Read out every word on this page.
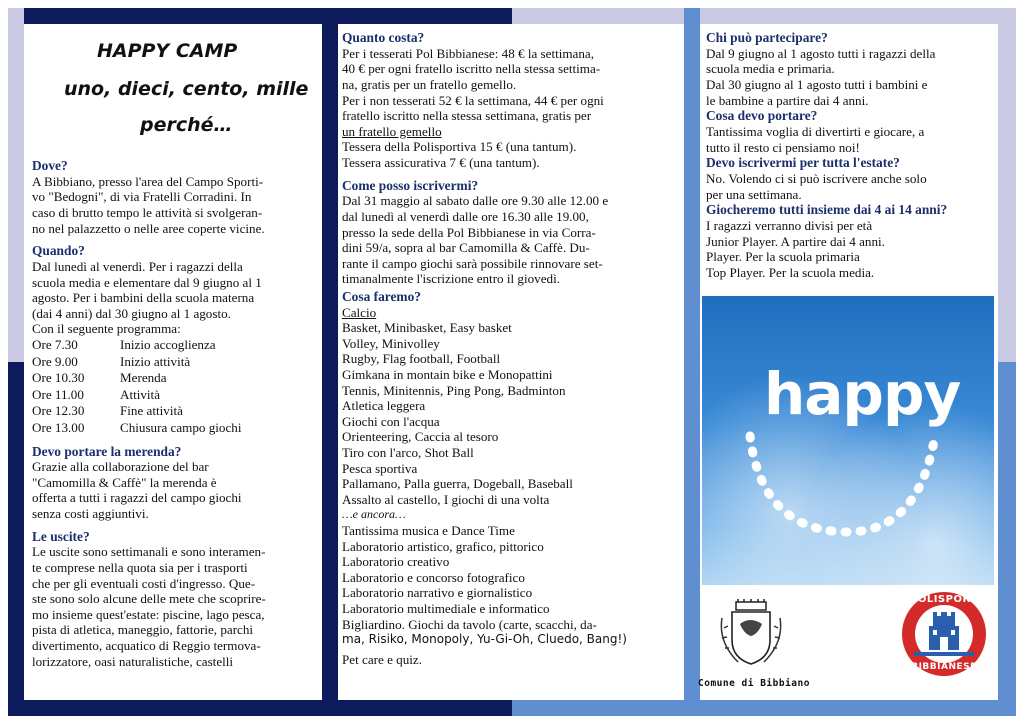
HAPPY CAMP
uno, dieci, cento, mille
perché…
Dove?
A Bibbiano, presso l'area del Campo Sporti-
vo "Bedogni", di via Fratelli Corradini. In
caso di brutto tempo le attività si svolgeran-
no nel palazzetto o nelle aree coperte vicine.
Quando?
Dal lunedì al venerdì. Per i ragazzi della
scuola media e elementare dal 9 giugno al 1
agosto. Per i bambini della scuola materna
(dai 4 anni) dal 30 giugno al 1 agosto.
Con il seguente programma:
Ore 7.30	Inizio accoglienza
Ore 9.00	Inizio attività
Ore 10.30	Merenda
Ore 11.00	Attività
Ore 12.30	Fine attività
Ore 13.00	Chiusura campo giochi
Devo portare la merenda?
Grazie alla collaborazione del bar
"Camomilla & Caffè" la merenda è
offerta a tutti i ragazzi del campo giochi
senza costi aggiuntivi.
Le uscite?
Le uscite sono settimanali e sono interamen-
te comprese nella quota sia per i trasporti
che per gli eventuali costi d'ingresso. Que-
ste sono solo alcune delle mete che scoprire-
mo insieme quest'estate: piscine, lago pesca,
pista di atletica, maneggio, fattorie, parchi
divertimento, acquatico di Reggio termova-
lorizzatore, oasi naturalistiche, castelli
Quanto costa?
Per i tesserati Pol Bibbianese: 48 € la settimana,
40 € per ogni fratello iscritto nella stessa settima-
na, gratis per un fratello gemello.
Per i non tesserati 52 € la settimana, 44 € per ogni
fratello iscritto nella stessa settimana, gratis per
un fratello gemello
Tessera della Polisportiva 15 € (una tantum).
Tessera assicurativa 7 € (una tantum).
Come posso iscrivermi?
Dal 31 maggio al sabato dalle ore 9.30 alle 12.00 e
dal lunedì al venerdì dalle ore 16.30 alle 19.00,
presso la sede della Pol Bibbianese in via Corra-
dini 59/a, sopra al bar Camomilla & Caffè. Du-
rante il campo giochi sarà possibile rinnovare set-
timanalmente l'iscrizione entro il giovedì.
Cosa faremo?
Calcio
Basket, Minibasket, Easy basket
Volley, Minivolley
Rugby, Flag football, Football
Gimkana in montain bike e Monopattini
Tennis, Minitennis, Ping Pong, Badminton
Atletica leggera
Giochi con l'acqua
Orienteering, Caccia al tesoro
Tiro con l'arco, Shot Ball
Pesca sportiva
Pallamano, Palla guerra, Dogeball, Baseball
Assalto al castello, I giochi di una volta
…e ancora…
Tantissima musica e Dance Time
Laboratorio artistico, grafico, pittorico
Laboratorio creativo
Laboratorio e concorso fotografico
Laboratorio narrativo e giornalistico
Laboratorio multimediale e informatico
Bigliardino. Giochi da tavolo (carte, scacchi, da-
ma, Risiko, Monopoly, Yu-Gi-Oh, Cluedo, Bang!)
Pet care e quiz.
Chi può partecipare?
Dal 9 giugno al 1 agosto tutti i ragazzi della
scuola media e primaria.
Dal 30 giugno al 1 agosto tutti i bambini e
le bambine a partire dai 4 anni.
Cosa devo portare?
Tantissima voglia di divertirti e giocare, a
tutto il resto ci pensiamo noi!
Devo iscrivermi per tutta l'estate?
No. Volendo ci si può iscrivere anche solo
per una settimana.
Giocheremo tutti insieme dai 4 ai 14 anni?
I ragazzi verranno divisi per età
Junior Player. A partire dai 4 anni.
Player. Per la scuola primaria
Top Player. Per la scuola media.
happy
Comune di Bibbiano
POLISPORTIVA
BIBBIANESE
